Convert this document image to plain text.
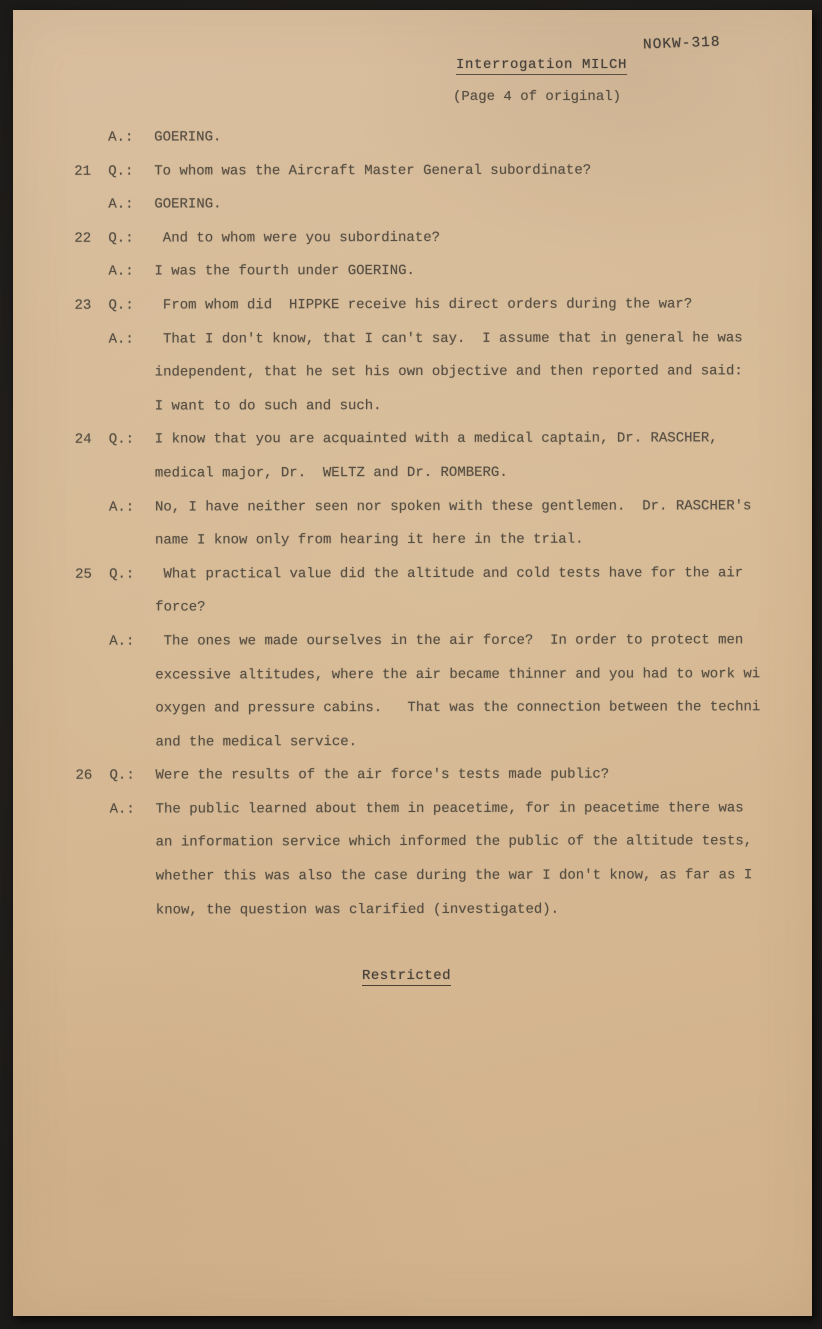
NOKW-318
Interrogation MILCH
(Page 4 of original)
A.: GOERING.
21 Q.: To whom was the Aircraft Master General subordinate?
A.: GOERING.
22 Q.: And to whom were you subordinate?
A.: I was the fourth under GOERING.
23 Q.: From whom did  HIPPKE receive his direct orders during the war?
A.: That I don't know, that I can't say.  I assume that in general he was
independent, that he set his own objective and then reported and said:
I want to do such and such.
24 Q.: I know that you are acquainted with a medical captain, Dr. RASCHER,
medical major, Dr.  WELTZ and Dr. ROMBERG.
A.: No, I have neither seen nor spoken with these gentlemen.  Dr. RASCHER's
name I know only from hearing it here in the trial.
25 Q.: What practical value did the altitude and cold tests have for the air
force?
A.: The ones we made ourselves in the air force?  In order to protect men
excessive altitudes, where the air became thinner and you had to work wi
oxygen and pressure cabins.   That was the connection between the techni
and the medical service.
26 Q.: Were the results of the air force's tests made public?
A.: The public learned about them in peacetime, for in peacetime there was
an information service which informed the public of the altitude tests,
whether this was also the case during the war I don't know, as far as I
know, the question was clarified (investigated).
Restricted
